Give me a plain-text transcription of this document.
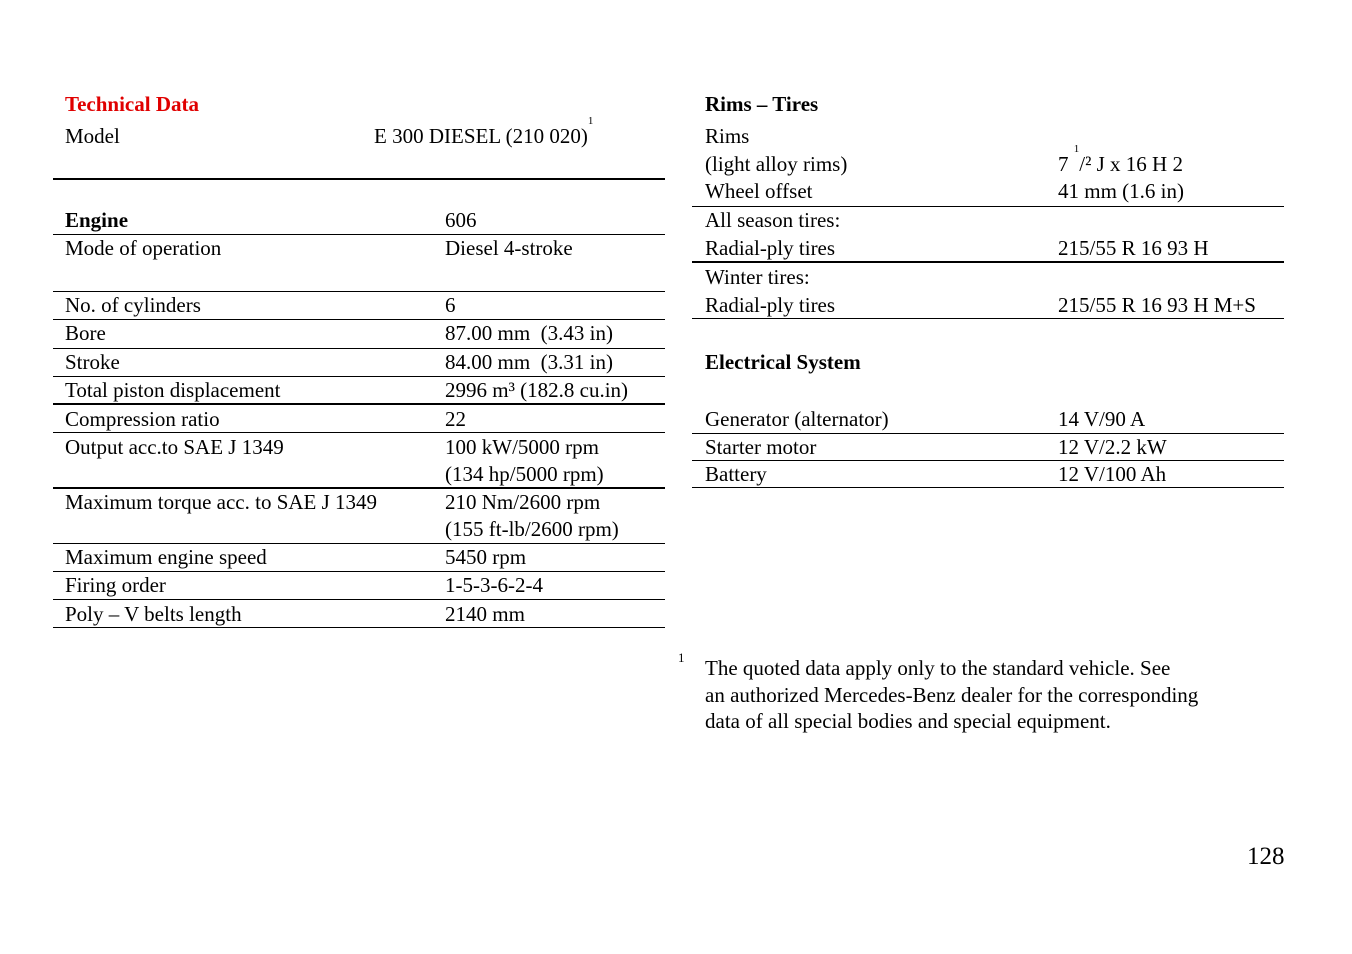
Technical Data
Model	E 300 DIESEL (210 020)$^1$
Engine	606
Mode of operation	Diesel 4-stroke
No. of cylinders	6
Bore	87.00 mm  (3.43 in)
Stroke	84.00 mm  (3.31 in)
Total piston displacement	2996 m³ (182.8 cu.in)
Compression ratio	22
Output acc.to SAE J 1349	100 kW/5000 rpm
(134 hp/5000 rpm)
Maximum torque acc. to SAE J 1349	210 Nm/2600 rpm
(155 ft-lb/2600 rpm)
Maximum engine speed	5450 rpm
Firing order	1-5-3-6-2-4
Poly – V belts length	2140 mm
Rims – Tires
Rims
(light alloy rims)	7 $^1$/² J x 16 H 2
Wheel offset	41 mm (1.6 in)
All season tires:
Radial-ply tires	215/55 R 16 93 H
Winter tires:
Radial-ply tires	215/55 R 16 93 H M+S
Electrical System
Generator (alternator)	14 V/90 A
Starter motor	12 V/2.2 kW
Battery	12 V/100 Ah
1 The quoted data apply only to the standard vehicle. See
an authorized Mercedes-Benz dealer for the corresponding
data of all special bodies and special equipment.
128
